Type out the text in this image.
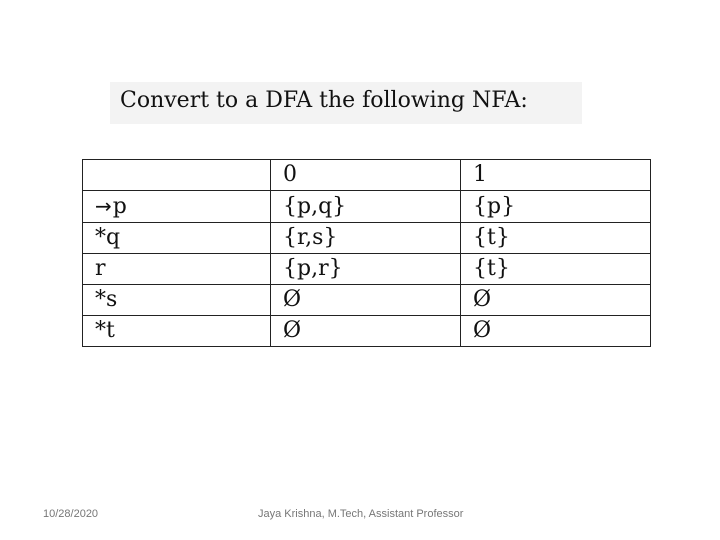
Convert to a DFA the following NFA:
	0	1
→p	{p,q}	{p}
*q	{r,s}	{t}
r	{p,r}	{t}
*s	Ø	Ø
*t	Ø	Ø
10/28/2020	Jaya Krishna, M.Tech, Assistant Professor
